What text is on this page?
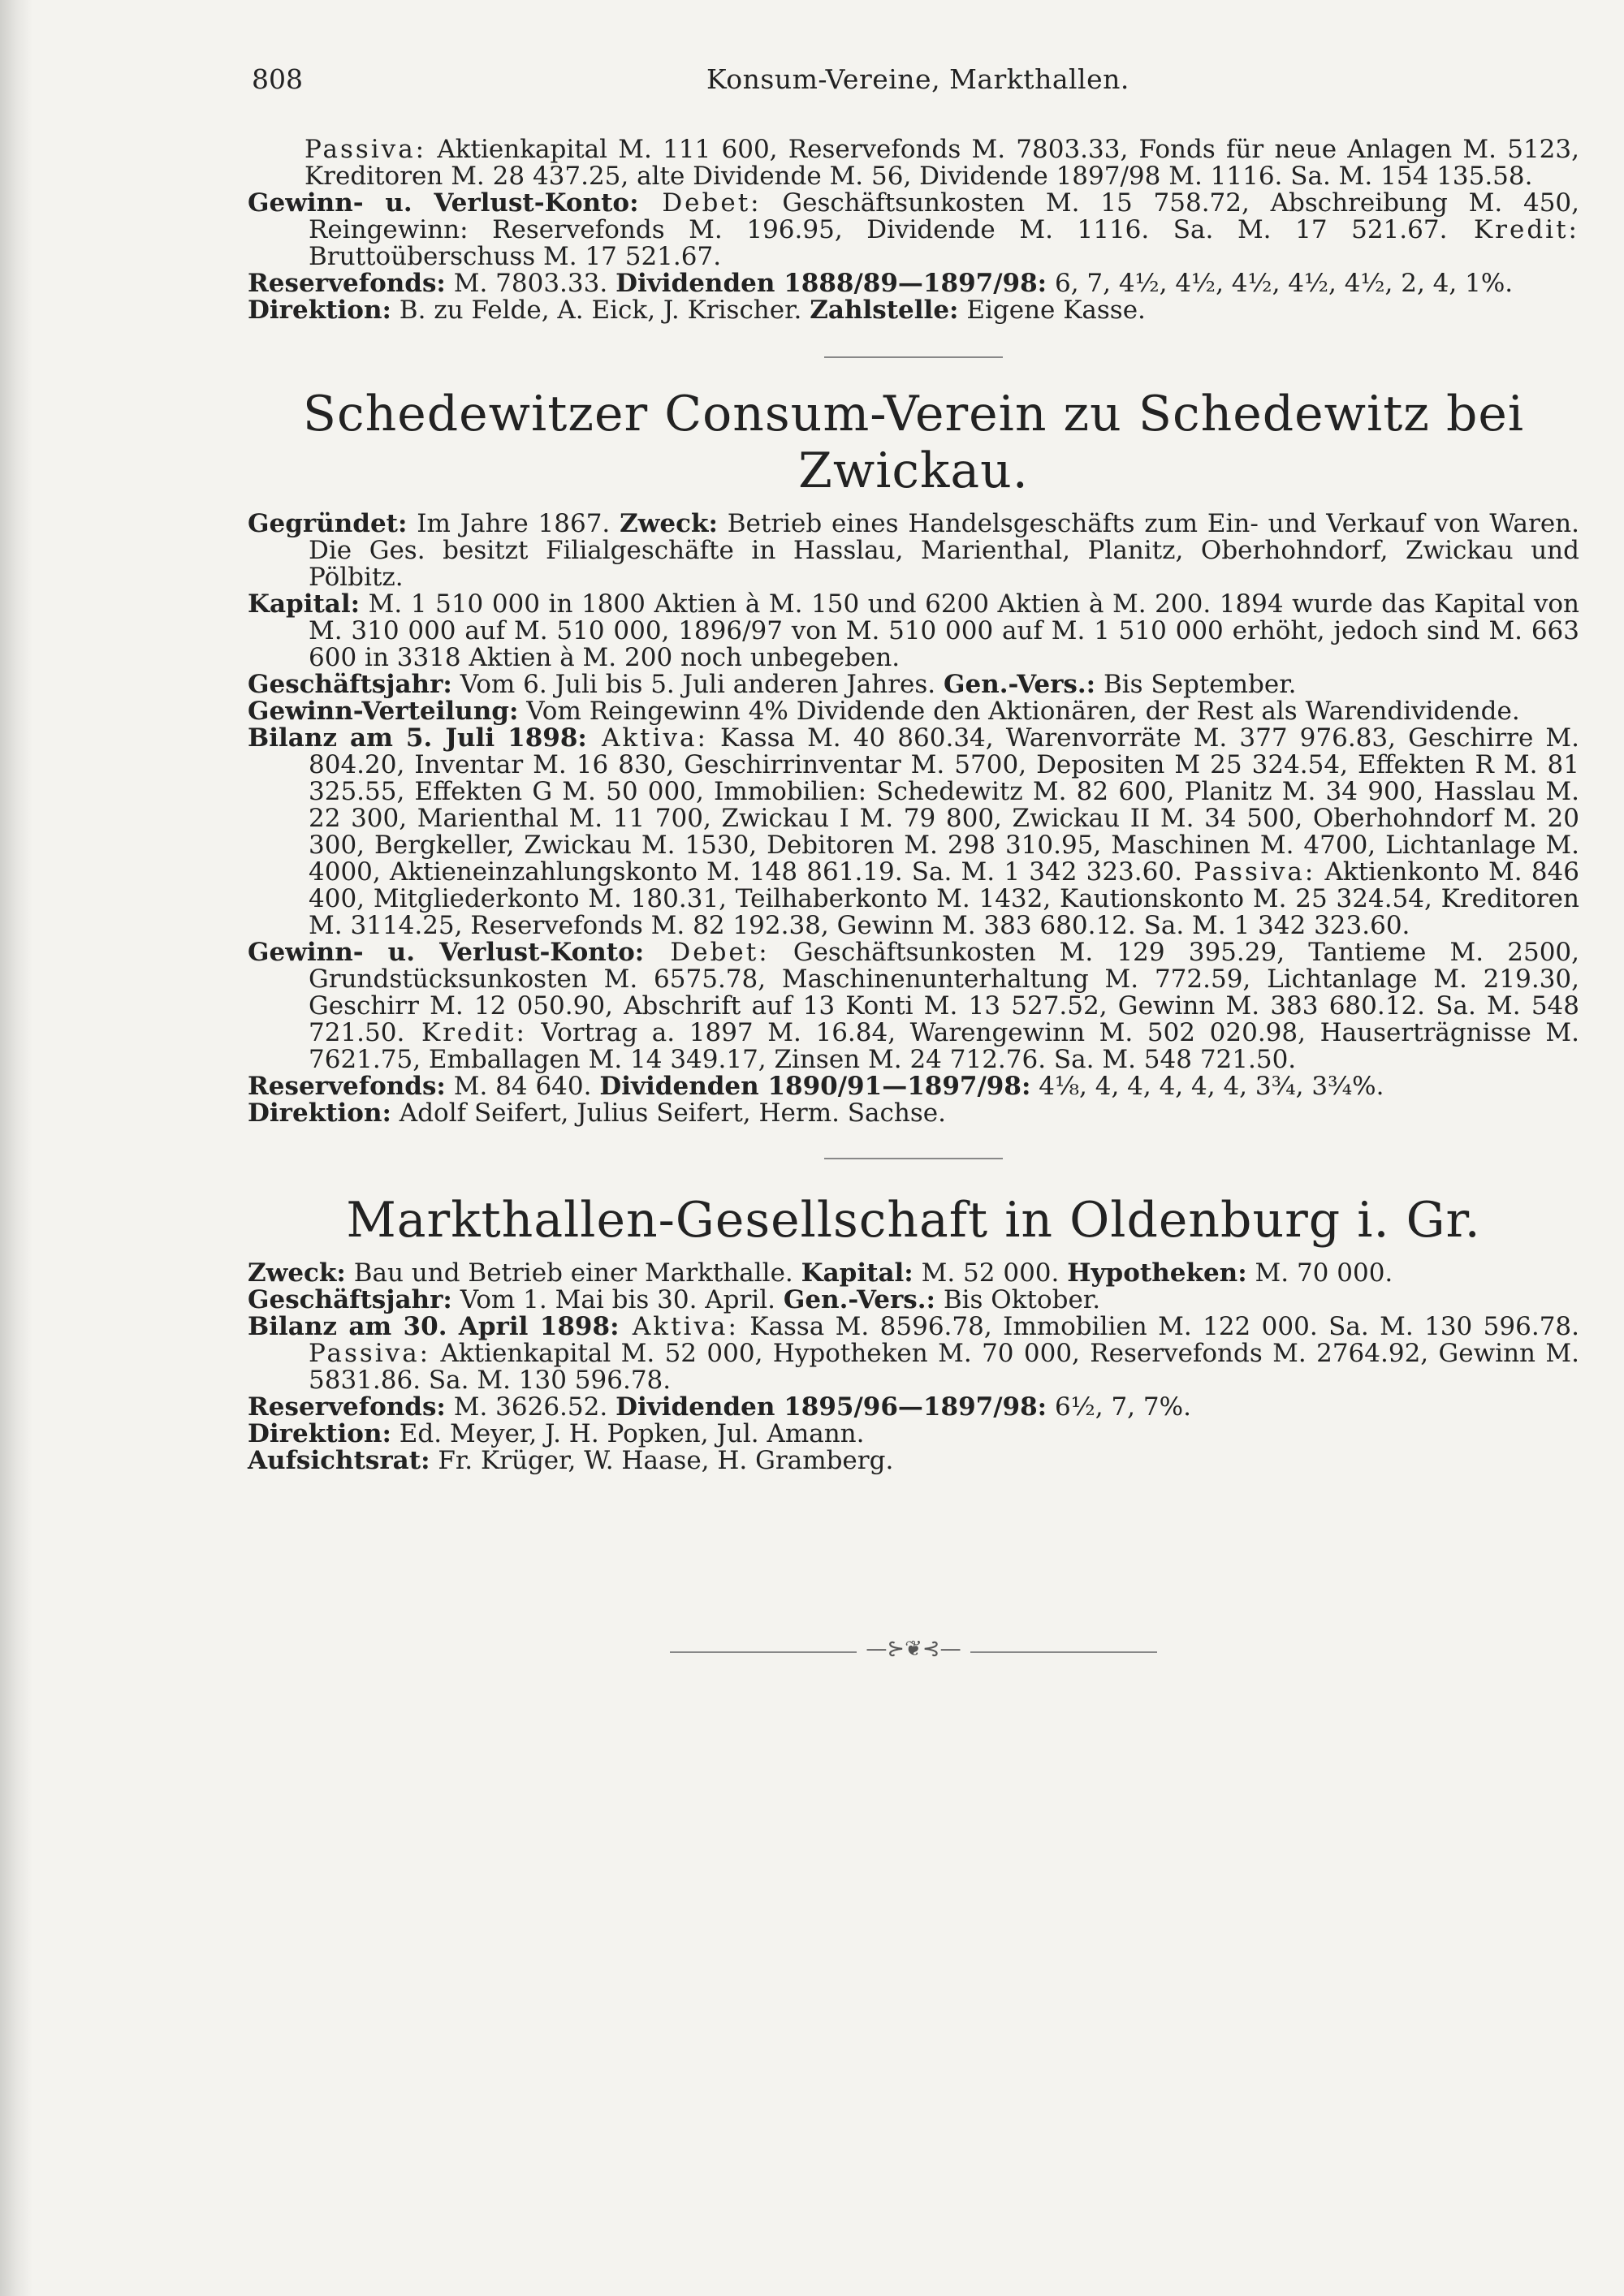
808	Konsum-Vereine, Markthallen.

Passiva: Aktienkapital M. 111 600, Reservefonds M. 7803.33, Fonds für neue Anlagen M. 5123, Kreditoren M. 28 437.25, alte Dividende M. 56, Dividende 1897/98 M. 1116. Sa. M. 154 135.58.

Gewinn- u. Verlust-Konto: Debet: Geschäftsunkosten M. 15 758.72, Abschreibung M. 450, Reingewinn: Reservefonds M. 196.95, Dividende M. 1116. Sa. M. 17 521.67. Kredit: Bruttoüberschuss M. 17 521.67.

Reservefonds: M. 7803.33. Dividenden 1888/89—1897/98: 6, 7, 4½, 4½, 4½, 4½, 4½, 2, 4, 1%.

Direktion: B. zu Felde, A. Eick, J. Krischer. Zahlstelle: Eigene Kasse.

Schedewitzer Consum-Verein zu Schedewitz bei Zwickau.

Gegründet: Im Jahre 1867. Zweck: Betrieb eines Handelsgeschäfts zum Ein- und Verkauf von Waren. Die Ges. besitzt Filialgeschäfte in Hasslau, Marienthal, Planitz, Oberhohndorf, Zwickau und Pölbitz.

Kapital: M. 1 510 000 in 1800 Aktien à M. 150 und 6200 Aktien à M. 200. 1894 wurde das Kapital von M. 310 000 auf M. 510 000, 1896/97 von M. 510 000 auf M. 1 510 000 erhöht, jedoch sind M. 663 600 in 3318 Aktien à M. 200 noch unbegeben.

Geschäftsjahr: Vom 6. Juli bis 5. Juli anderen Jahres. Gen.-Vers.: Bis September.

Gewinn-Verteilung: Vom Reingewinn 4% Dividende den Aktionären, der Rest als Warendividende.

Bilanz am 5. Juli 1898: Aktiva: Kassa M. 40 860.34, Warenvorräte M. 377 976.83, Geschirre M. 804.20, Inventar M. 16 830, Geschirrinventar M. 5700, Depositen M 25 324.54, Effekten R M. 81 325.55, Effekten G M. 50 000, Immobilien: Schedewitz M. 82 600, Planitz M. 34 900, Hasslau M. 22 300, Marienthal M. 11 700, Zwickau I M. 79 800, Zwickau II M. 34 500, Oberhohndorf M. 20 300, Bergkeller, Zwickau M. 1530, Debitoren M. 298 310.95, Maschinen M. 4700, Lichtanlage M. 4000, Aktieneinzahlungskonto M. 148 861.19. Sa. M. 1 342 323.60. Passiva: Aktienkonto M. 846 400, Mitgliederkonto M. 180.31, Teilhaberkonto M. 1432, Kautionskonto M. 25 324.54, Kreditoren M. 3114.25, Reservefonds M. 82 192.38, Gewinn M. 383 680.12. Sa. M. 1 342 323.60.

Gewinn- u. Verlust-Konto: Debet: Geschäftsunkosten M. 129 395.29, Tantieme M. 2500, Grundstücksunkosten M. 6575.78, Maschinenunterhaltung M. 772.59, Lichtanlage M. 219.30, Geschirr M. 12 050.90, Abschrift auf 13 Konti M. 13 527.52, Gewinn M. 383 680.12. Sa. M. 548 721.50. Kredit: Vortrag a. 1897 M. 16.84, Warengewinn M. 502 020.98, Hauserträgnisse M. 7621.75, Emballagen M. 14 349.17, Zinsen M. 24 712.76. Sa. M. 548 721.50.

Reservefonds: M. 84 640. Dividenden 1890/91—1897/98: 4⅛, 4, 4, 4, 4, 4, 3¾, 3¾%.

Direktion: Adolf Seifert, Julius Seifert, Herm. Sachse.

Markthallen-Gesellschaft in Oldenburg i. Gr.

Zweck: Bau und Betrieb einer Markthalle. Kapital: M. 52 000. Hypotheken: M. 70 000.

Geschäftsjahr: Vom 1. Mai bis 30. April. Gen.-Vers.: Bis Oktober.

Bilanz am 30. April 1898: Aktiva: Kassa M. 8596.78, Immobilien M. 122 000. Sa. M. 130 596.78. Passiva: Aktienkapital M. 52 000, Hypotheken M. 70 000, Reservefonds M. 2764.92, Gewinn M. 5831.86. Sa. M. 130 596.78.

Reservefonds: M. 3626.52. Dividenden 1895/96—1897/98: 6½, 7, 7%.

Direktion: Ed. Meyer, J. H. Popken, Jul. Amann.

Aufsichtsrat: Fr. Krüger, W. Haase, H. Gramberg.

—⊱❦⊰—
